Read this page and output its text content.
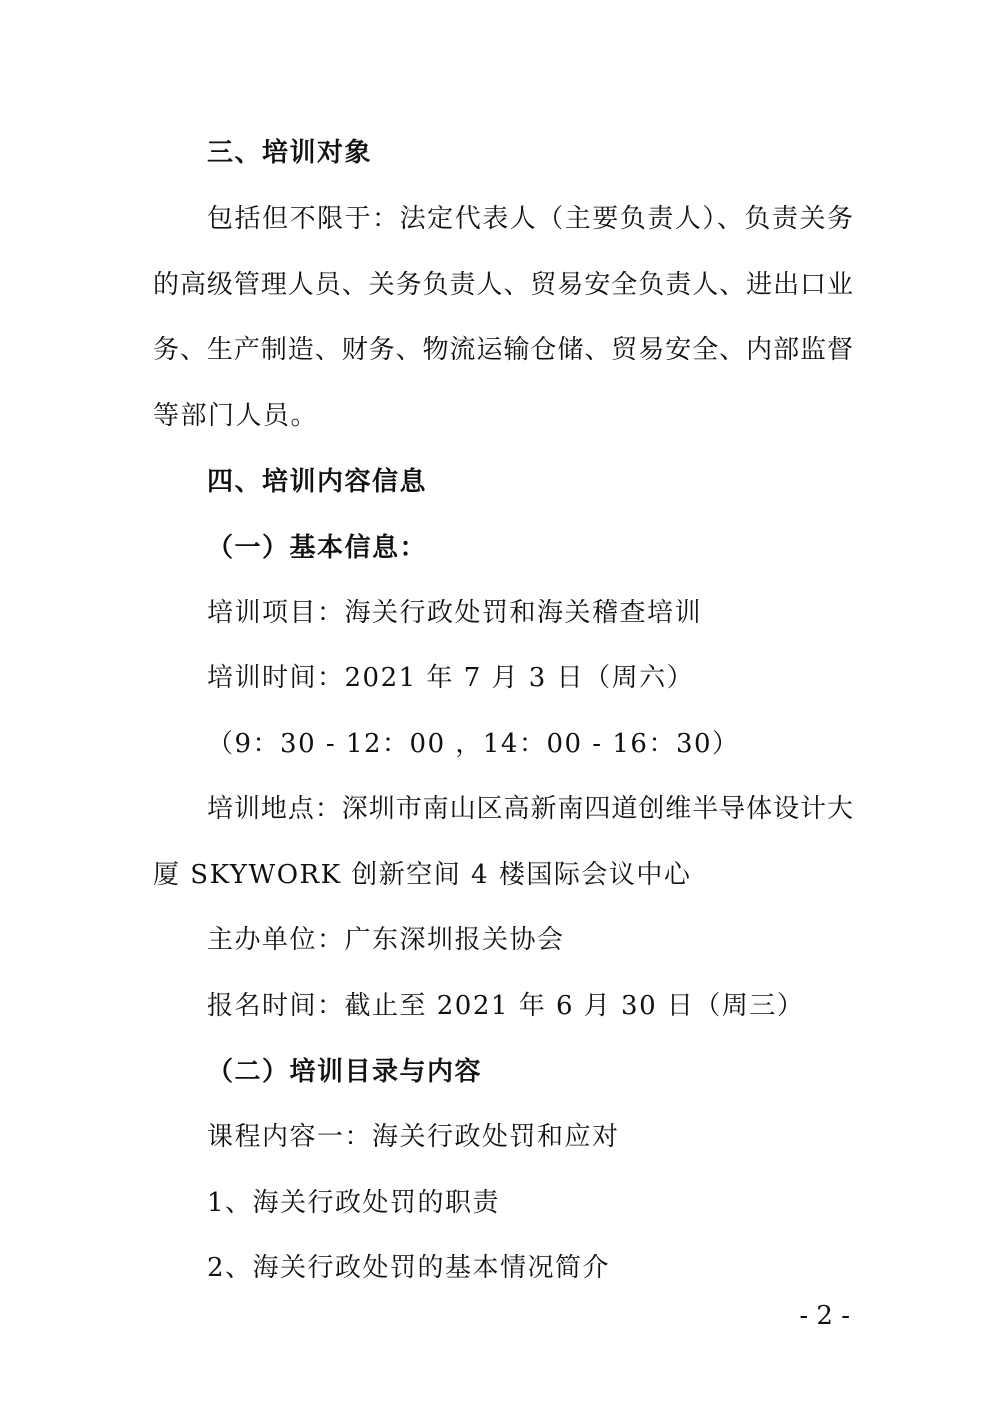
三、培训对象
包括但不限于：法定代表人（主要负责人）、负责关务
的高级管理人员、关务负责人、贸易安全负责人、进出口业
务、生产制造、财务、物流运输仓储、贸易安全、内部监督
等部门人员。
四、培训内容信息
（一）基本信息：
培训项目：海关行政处罚和海关稽查培训
培训时间：2021 年 7 月 3 日（周六）
（9：30 - 12：00 ，14：00 - 16：30）
培训地点：深圳市南山区高新南四道创维半导体设计大
厦 SKYWORK 创新空间 4 楼国际会议中心
主办单位：广东深圳报关协会
报名时间：截止至 2021 年 6 月 30 日（周三）
（二）培训目录与内容
课程内容一：海关行政处罚和应对
1、海关行政处罚的职责
2、海关行政处罚的基本情况简介
- 2 -
